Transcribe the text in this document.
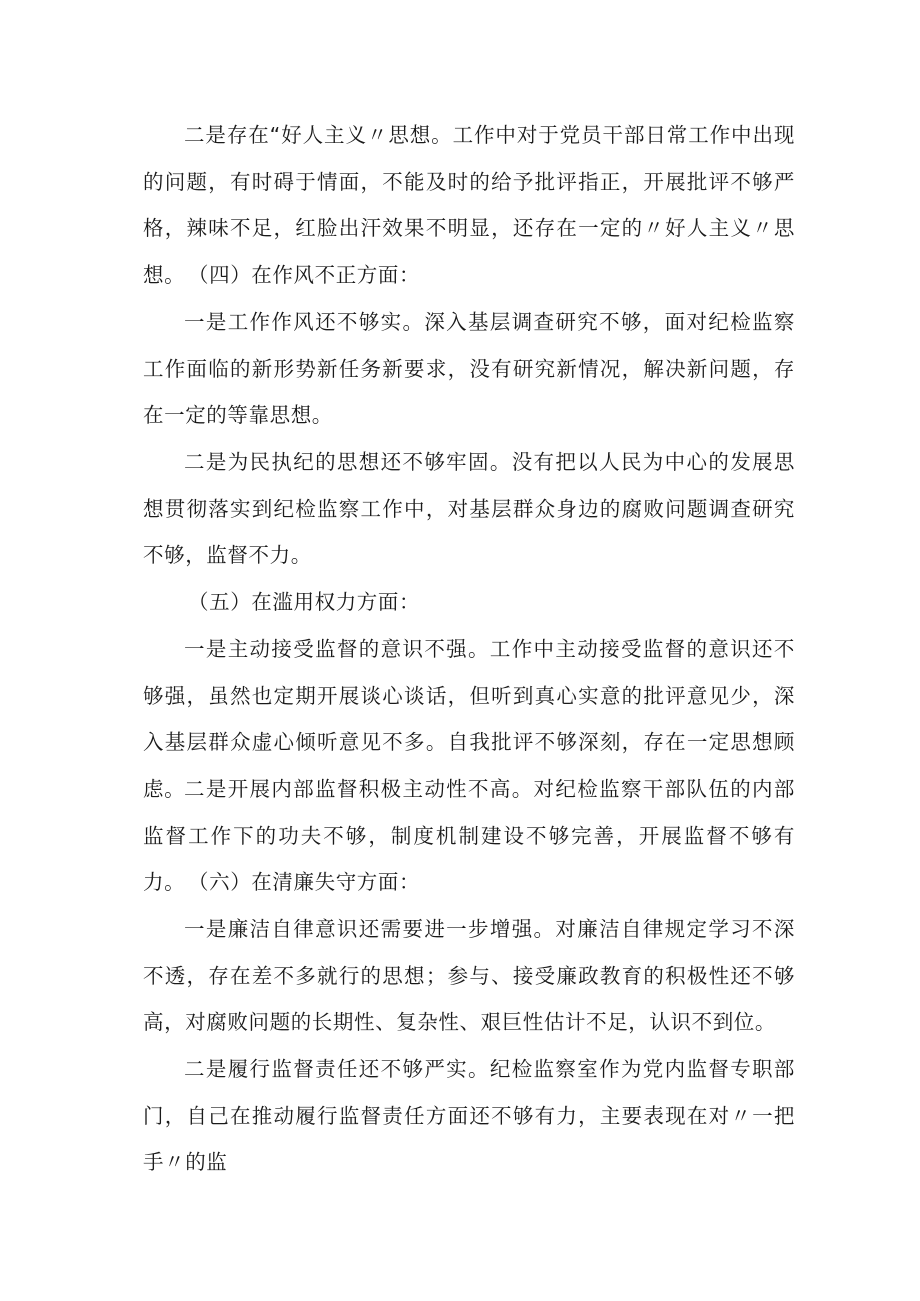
二是存在“好人主义〃思想。工作中对于党员干部日常工作中出现的问题，有时碍于情面，不能及时的给予批评指正，开展批评不够严格，辣味不足，红脸出汗效果不明显，还存在一定的〃好人主义〃思想。 （四）在作风不正方面：

一是工作作风还不够实。深入基层调查研究不够，面对纪检监察工作面临的新形势新任务新要求，没有研究新情况，解决新问题，存在一定的等靠思想。

二是为民执纪的思想还不够牢固。没有把以人民为中心的发展思想贯彻落实到纪检监察工作中，对基层群众身边的腐败问题调查研究不够，监督不力。

（五）在滥用权力方面：

一是主动接受监督的意识不强。工作中主动接受监督的意识还不够强，虽然也定期开展谈心谈话，但听到真心实意的批评意见少，深入基层群众虚心倾听意见不多。自我批评不够深刻，存在一定思想顾虑。

二是开展内部监督积极主动性不高。对纪检监察干部队伍的内部监督工作下的功夫不够，制度机制建设不够完善，开展监督不够有力。 （六）在清廉失守方面：

一是廉洁自律意识还需要进一步增强。对廉洁自律规定学习不深不透，存在差不多就行的思想；参与、接受廉政教育的积极性还不够高，对腐败问题的长期性、复杂性、艰巨性估计不足，认识不到位。

二是履行监督责任还不够严实。纪检监察室作为党内监督专职部门，自己在推动履行监督责任方面还不够有力，主要表现在对〃一把手〃的监
